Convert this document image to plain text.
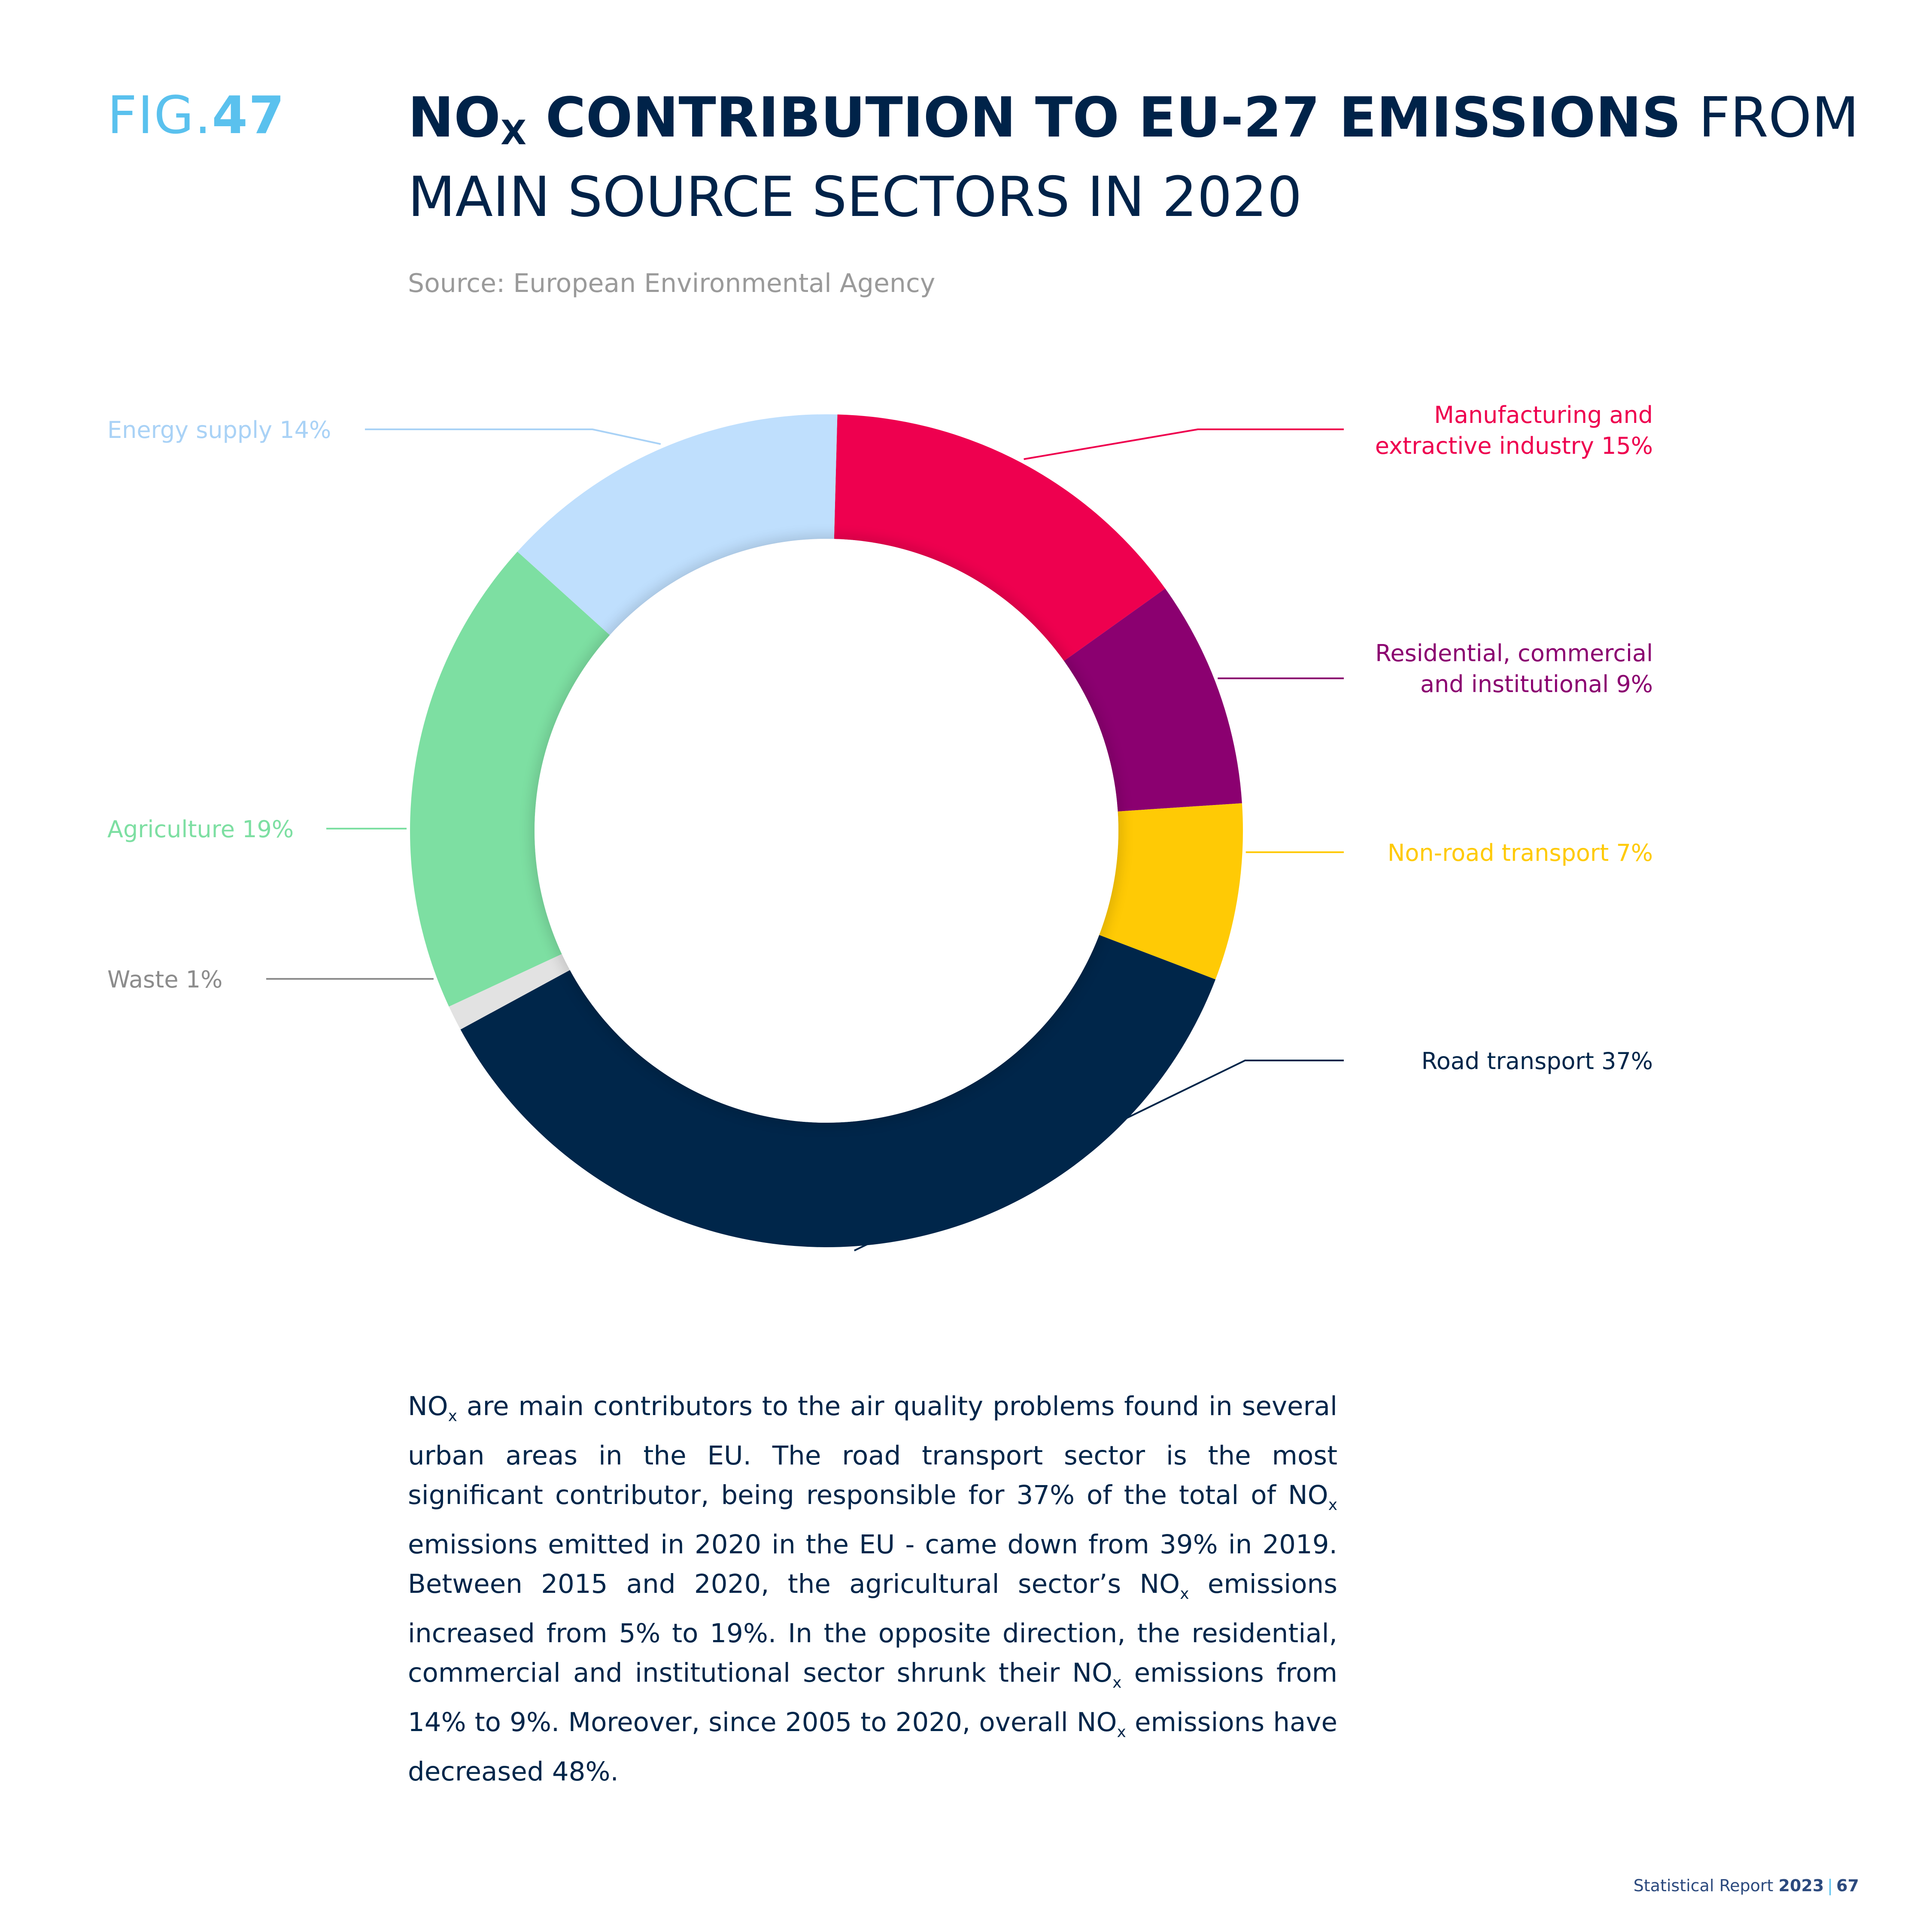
FIG.47 $NO_X$ CONTRIBUTION TO EU-27 EMISSIONS FROM
MAIN SOURCE SECTORS IN 2020
Source: European Environmental Agency
Manufacturing and extractive industry 15%
Residential, commercial and institutional 9%
Non-road transport 7%
Road transport 37%
Waste 1%
Agriculture 19%
Energy supply 14%
$NO_x$ are main contributors to the air quality problems found in several urban areas in the EU. The road transport sector is the most significant contributor, being responsible for 37% of the total of $NO_x$ emissions emitted in 2020 in the EU - came down from 39% in 2019. Between 2015 and 2020, the agricultural sector’s $NO_x$ emissions increased from 5% to 19%. In the opposite direction, the residential, commercial and institutional sector shrunk their $NO_x$ emissions from 14% to 9%. Moreover, since 2005 to 2020, overall $NO_x$ emissions have decreased 48%.
Statistical Report 2023 | 67
